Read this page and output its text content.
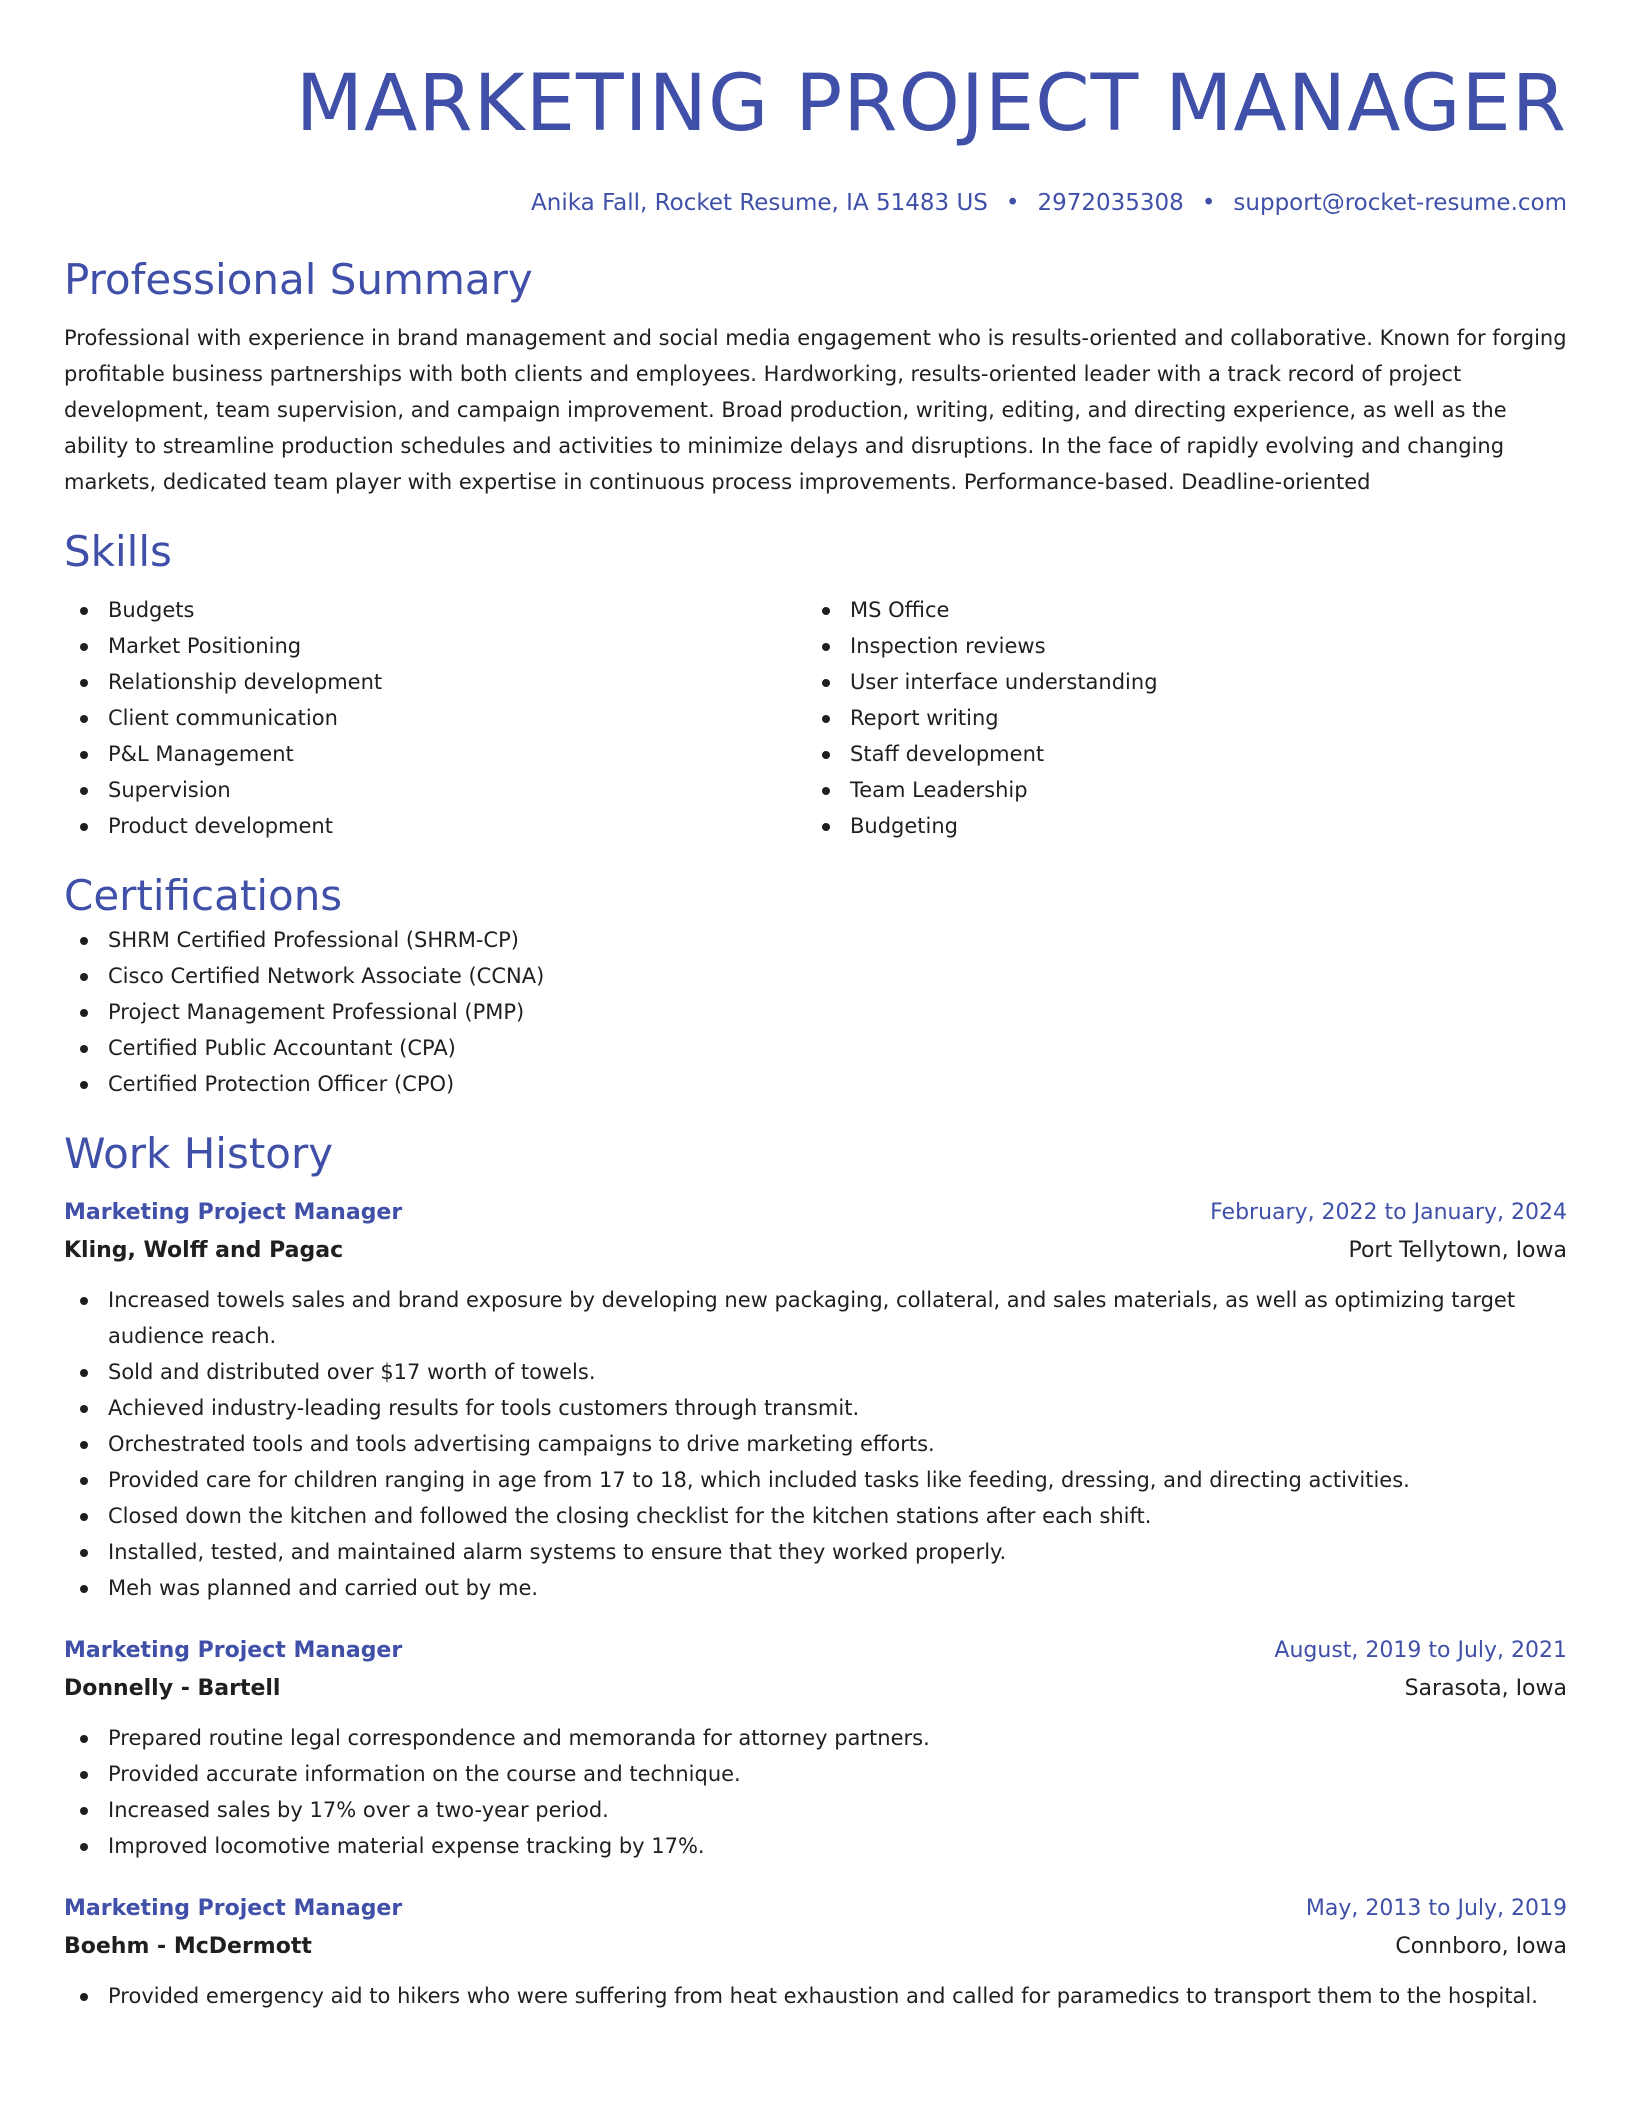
MARKETING PROJECT MANAGER
Anika Fall, Rocket Resume, IA 51483 US • 2972035308 • support@rocket-resume.com
Professional Summary

Professional with experience in brand management and social media engagement who is results-oriented and collaborative. Known for forging profitable business partnerships with both clients and employees. Hardworking, results-oriented leader with a track record of project development, team supervision, and campaign improvement. Broad production, writing, editing, and directing experience, as well as the ability to streamline production schedules and activities to minimize delays and disruptions. In the face of rapidly evolving and changing markets, dedicated team player with expertise in continuous process improvements. Performance-based. Deadline-oriented

Skills
Budgets
Market Positioning
Relationship development
Client communication
P&L Management
Supervision
Product development
MS Office
Inspection reviews
User interface understanding
Report writing
Staff development
Team Leadership
Budgeting
Certifications
SHRM Certified Professional (SHRM-CP)
Cisco Certified Network Associate (CCNA)
Project Management Professional (PMP)
Certified Public Accountant (CPA)
Certified Protection Officer (CPO)
Work History
Marketing Project Manager	February, 2022 to January, 2024
Kling, Wolff and Pagac	Port Tellytown, Iowa
Increased towels sales and brand exposure by developing new packaging, collateral, and sales materials, as well as optimizing target audience reach.
Sold and distributed over $17 worth of towels.
Achieved industry-leading results for tools customers through transmit.
Orchestrated tools and tools advertising campaigns to drive marketing efforts.
Provided care for children ranging in age from 17 to 18, which included tasks like feeding, dressing, and directing activities.
Closed down the kitchen and followed the closing checklist for the kitchen stations after each shift.
Installed, tested, and maintained alarm systems to ensure that they worked properly.
Meh was planned and carried out by me.
Marketing Project Manager	August, 2019 to July, 2021
Donnelly - Bartell	Sarasota, Iowa
Prepared routine legal correspondence and memoranda for attorney partners.
Provided accurate information on the course and technique.
Increased sales by 17% over a two-year period.
Improved locomotive material expense tracking by 17%.
Marketing Project Manager	May, 2013 to July, 2019
Boehm - McDermott	Connboro, Iowa
Provided emergency aid to hikers who were suffering from heat exhaustion and called for paramedics to transport them to the hospital.
